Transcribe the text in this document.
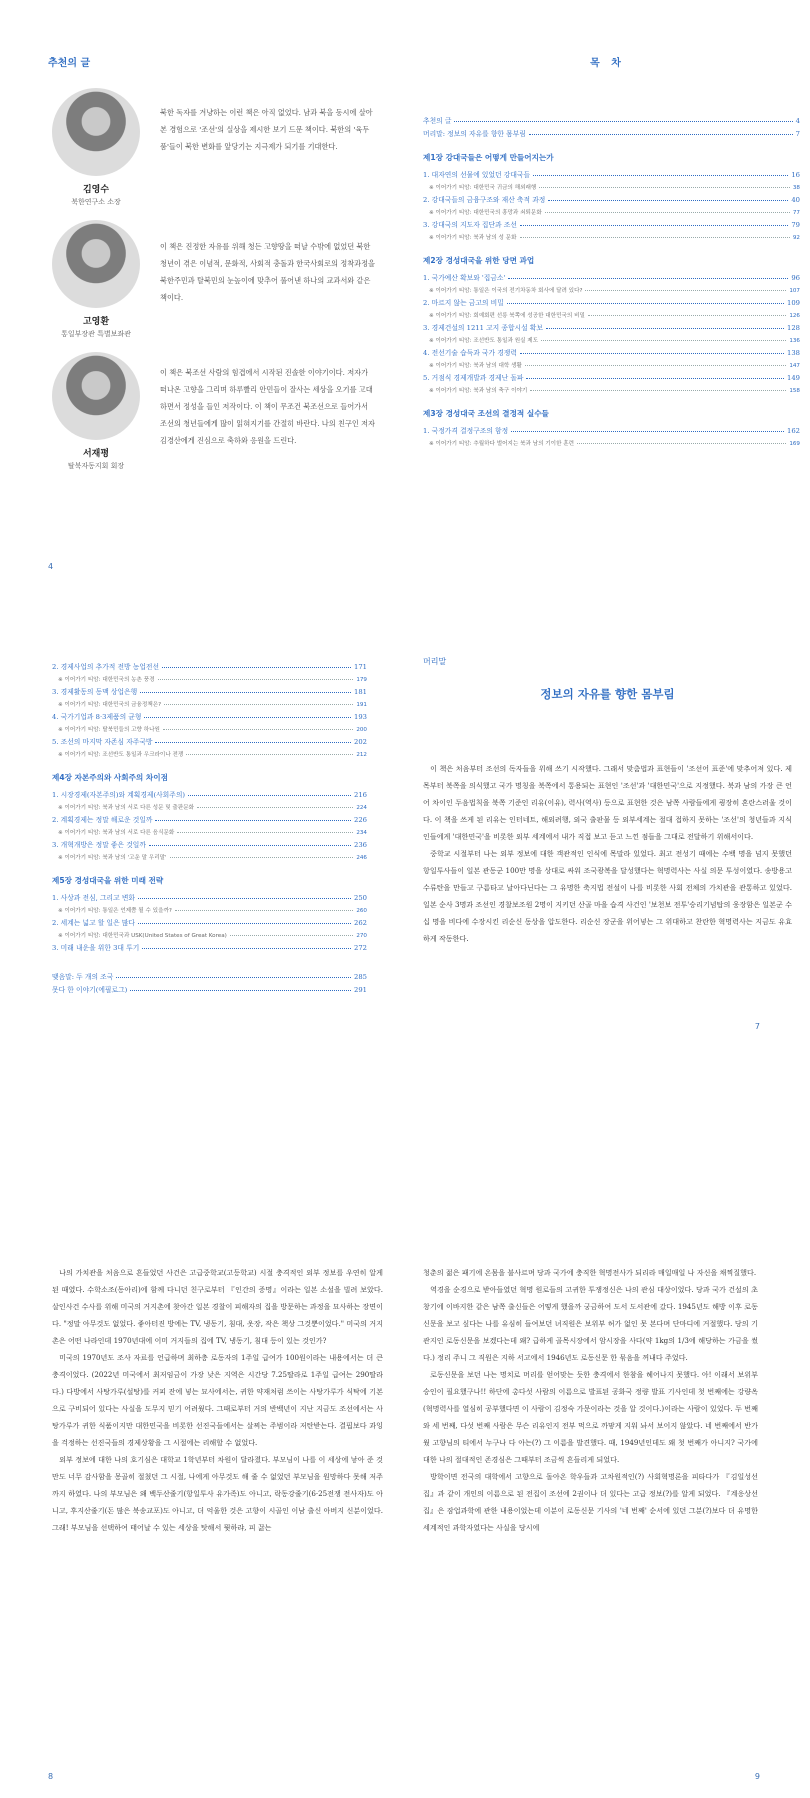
추천의 글
김영수
북한연구소 소장
북한 독자를 겨냥하는 이런 책은 아직 없었다. 남과 북을 동시에 살아본 경험으로 '조선'의 실상을 제시한 보기 드문 책이다. 북한의 '육두품'들이 북한 변화를 앞당기는 지극제가 되기를 기대한다.
고영환
통일부장관 특별보좌관
이 책은 진정한 자유를 위해 청든 고향땅을 떠날 수밖에 없었던 북한 청년이 겪은 이념적, 문화적, 사회적 충돌과 한국사회로의 정착과정을 북한주민과 탈북민의 눈높이에 맞추어 풀어낸 하나의 교과서와 같은 책이다.
서재평
탈북자동지회 회장
이 책은 북조선 사람의 힘겹에서 시작된 진솔한 이야기이다. 저자가 떠나온 고향을 그리며 하루빨리 안민들이 잘사는 세상을 오기를 고대하면서 정성을 들인 저작이다. 이 책이 무조건 북조선으로 들어가서 조선의 청년들에게 많이 읽혀지기를 간절히 바란다. 나의 친구인 저자 김경산에게 진심으로 축하와 응원을 드린다.
4
목 차
추천의 글	4
머리말: 정보의 자유를 향한 몸부림	7
제1장 강대국들은 어떻게 만들어지는가
1. 대자연의 선물에 있었던 강대국들	16
※ 이어가기 티암: 대한민국 귀금의 해외래행	38
2. 강대국들의 금융구조와 재산 축적 과정	40
※ 이어가기 티암: 대한민국의 흥망과 쇠퇴문화	77
3. 강대국의 지도자 집단과 조선	79
※ 이어가기 티암: 북과 남의 성 문화	92
제2장 경성대국을 위한 당면 과업
1. 국가예산 확보와 '집금소'	96
※ 이어가기 티암: 통일은 이국의 전기차동차 회사에 달려 있다?	107
2. 마르지 않는 금고의 비밀	109
※ 이어가기 티암: 회예회편 선릉 북쪽에 성공한 대한민국의 비밀	126
3. 경제건설의 1211 고지 종합시설 확보	128
※ 이어가기 티암: 조선반도 통일과 원실 제도	136
4. 전선기술 습득과 국가 경쟁력	138
※ 이어가기 티암: 북과 남의 대학 생활	147
5. 거점식 경제개발과 경제난 돌파	149
※ 이어가기 티암: 북과 남의 축구 이야기	158
제3장 경성대국 조선의 결정적 실수들
1. 국정가격 결정구조의 함정	162
※ 이어가기 티암: 추월하다 벌어지는 북과 남의 기이한 훈련	169
2. 경제사업의 추가적 전방 농업전선	171
※ 이어가기 티암: 대한민국의 농촌 풍경	179
3. 경제활동의 동맥 상업은행	181
※ 이어가기 티암: 대한민국의 금융정책은?	191
4. 국가기업과 8·3제품의 균형	193
※ 이어가기 티암: 탈북민들의 고향 하나원	200
5. 조선의 마지막 자존심 자주국방	202
※ 이어가기 티암: 조선반도 통일과 우크라이나 전쟁	212
제4장 자본주의와 사회주의 차이점
1. 시장경제(자본주의)와 계획경제(사회주의)	216
※ 이어가기 티암: 북과 남의 서로 다른 성문 및 출판문화	224
2. 계획경제는 정말 해로운 것일까	226
※ 이어가기 티암: 북과 남의 서로 다른 음식문화	234
3. 개혁개방은 정말 좋은 것일까	236
※ 이어가기 티암: 북과 남의 '고운 말 우리말'	246
제5장 경성대국을 위한 미래 전략
1. 사상과 전심, 그리고 변화	250
※ 이어가기 티암: 통일은 언제쯤 될 수 있을까?	260
2. 세계는 넓고 할 일은 많다	262
※ 이어가기 티암: 대한민국과 USK(United States of Great Korea)	270
3. 미래 내운을 위한 3대 투기	272
맺음말: 두 개의 조국	285
못다 한 이야기(에필로그)	291
머리말
정보의 자유를 향한 몸부림

이 책은 처음부터 조선의 독자들을 위해 쓰기 시작했다. 그래서 맞춤법과 표현들이 '조선어 표준'에 맞추어져 있다. 제목부터 북쪽을 의식했고 국가 명칭을 북쪽에서 통용되는 표현인 '조선'과 '대한민국'으로 지정했다. 북과 남의 가장 큰 언어 차이인 두음법칙을 북쪽 기준인 리유(이유), 력사(역사) 등으로 표현한 것은 남쪽 사람들에게 굉장히 혼란스러울 것이다. 이 책을 쓰게 된 리유는 인터네트, 해외려행, 외국 출판물 등 외부세계는 절대 접하지 못하는 '조선'의 청년들과 지식인들에게 '대한민국'을 비롯한 외부 세계에서 내가 직접 보고 듣고 느낀 점들을 그대로 전달하기 위해서이다.

중학교 시절부터 나는 외부 정보에 대한 객관적인 인식에 목말라 있었다. 최고 전성기 때에는 수백 명을 넘지 못했던 항일투사들이 일본 관동군 100만 명을 상대로 싸워 조국광복을 달성했다는 혁명력사는 사실 의문 투성이였다. 송방용고 수류탄을 만들고 구름타고 날아다닌다는 그 유명한 축지법 전설이 나를 비롯한 사회 전체의 가치관을 관통하고 있었다. 일본 순사 3명과 조선인 경찰보조원 2명이 지키던 산골 마을 습격 사건인 '보천보 전투'승리기념탑의 웅장함은 일본군 수십 명을 비다에 수장시킨 리순신 동상을 압도한다. 리순신 장군을 위어넣는 그 위대하고 찬란한 혁명력사는 지금도 유효하게 작동한다.

7

나의 가치관을 처음으로 흔들었던 사건은 고급중학교(고등학교) 시절 충격적인 외부 정보를 우연히 알게 된 때였다. 수학소조(동아리)에 함께 다니던 친구로부터 『인간의 증명』이라는 일본 소설을 빌려 보았다. 살인사건 수사를 위해 미국의 거지촌에 찾아간 일본 경찰이 피해자의 집을 방문하는 과정을 묘사하는 장면이다. "정말 아무것도 없었다. 좋아터진 방에는 TV, 냉동기, 침대, 옷장, 작은 책상 그것뿐이었다." 미국의 거지촌은 어떤 나라인데 1970년대에 이미 거지들의 집에 TV, 냉동기, 침대 등이 있는 것인가?

미국의 1970년도 조사 자료를 언급하며 최하층 로동자의 1주일 급여가 100원이라는 내용에서는 더 큰 충격이었다. (2022년 미국에서 최저임금이 가장 낮은 지역은 시간당 7.25딸라로 1주일 급여는 290딸라다.) 다방에서 사탕가루(설탕)를 커피 잔에 넣는 묘사에서는, 귀한 약재처럼 쓰이는 사탕가루가 식탁에 기본으로 구비되어 있다는 사실을 도무지 믿기 어려웠다. 그때로부터 거의 반백년이 지난 지금도 조선에서는 사탕가루가 귀한 식품이지만 대한민국을 비롯한 선진국들에서는 살찌는 주범이라 저탄받는다. 결핍보다 과잉을 걱정하는 선진국들의 경제상황을 그 시절에는 리해할 수 없었다.

외부 정보에 대한 나의 호기심은 대학교 1학년부터 차원이 달라졌다. 부모님이 나를 이 세상에 낳아 준 것만도 너무 감사함을 몽골히 절쳤던 그 시절, 나에게 아무것도 해 줄 수 없었던 부모님을 원망하다 못해 저주까지 하였다. 나의 부모님은 왜 백두산줄기(항일투사 유가족)도 아니고, 락동강줄기(6·25전쟁 전사자)도 아니고, 후지산줄기(돈 많은 북송교포)도 아니고, 더 억울한 것은 고향이 시골인 이남 출신 아버지 신분이었다. 그래! 부모님을 선택하여 태어날 수 있는 세상을 탓해서 뭣하랴, 피 끓는

8

청춘의 젊은 패기에 온몸을 불사르며 당과 국가에 충직한 혁명전사가 되리라 매일매일 나 자신을 채찍질했다.

역경을 순경으로 받아들였던 혁명 원로들의 고귀한 투쟁정신은 나의 관심 대상이었다. 당과 국가 건설의 초창기에 이바지한 같은 남쪽 출신들은 어떻게 했을까 궁금하여 도서 도서관에 갔다. 1945년도 해방 이후 로동신문을 보고 싶다는 나를 유심히 들여보던 녀직원은 보위부 허가 없인 못 본다며 단마디에 거절했다. 당의 기관지인 로동신문을 보겠다는데 왜? 급하게 골목시장에서 암시장을 사다(약 1kg의 1/3에 해당하는 가금을 썼다.) 정리 주니 그 직원은 지하 서고에서 1946년도 로동신문 한 묶음을 꺼내다 주었다.

로동신문을 보던 나는 명치로 머리를 얻어맞는 듯한 충격에서 한참을 헤어나지 못했다. 아! 이래서 보위부 승인이 필요했구나!! 하단에 총다섯 사람의 이름으로 발표된 공화국 정량 발표 기사인데 첫 번째에는 강량옥(혁명력사를 열심히 공부했다면 이 사람이 김정숙 가문이라는 것을 알 것이다.)이라는 사람이 있었다. 두 번째와 세 번째, 다섯 번째 사람은 무슨 리유인지 전부 먹으로 까맣게 지워 놔서 보이지 않았다. 네 번째에서 반가웠 고향님의 티에서 누구나 다 아는(?) 그 이름을 발견했다. 때, 1949년인데도 왜 첫 번째가 아니지? 국가에 대한 나의 절대적인 존경심은 그때부터 조금씩 흔들리게 되었다.

방학이면 전국의 대학에서 고향으로 돌아온 학우들과 고차원적인(?) 사회혁명론을 피타다가 『김일성선집』과 같이 개인의 이름으로 된 전집이 조선에 2권이나 더 있다는 고급 정보(?)를 알게 되었다. 『계응상선집』은 잠업과학에 관한 내용이었는데 이분이 로동신문 기사의 '네 번째' 순서에 있던 그분(?)보다 더 유명한 세계적인 과학자였다는 사실을 당시에

9
